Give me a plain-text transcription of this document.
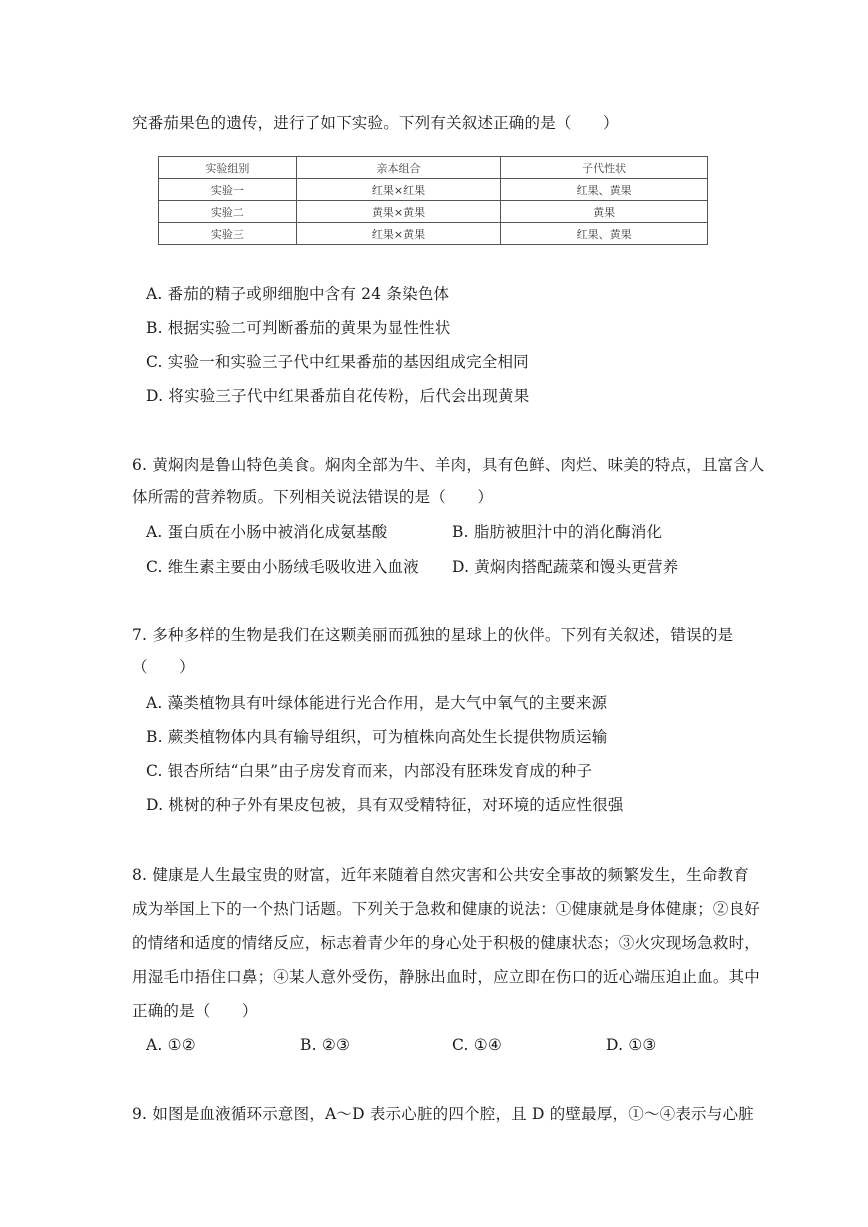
究番茄果色的遗传，进行了如下实验。下列有关叙述正确的是（　　）
实验组别	亲本组合	子代性状
实验一	红果×红果	红果、黄果
实验二	黄果×黄果	黄果
实验三	红果×黄果	红果、黄果
A. 番茄的精子或卵细胞中含有 24 条染色体
B. 根据实验二可判断番茄的黄果为显性性状
C. 实验一和实验三子代中红果番茄的基因组成完全相同
D. 将实验三子代中红果番茄自花传粉，后代会出现黄果
6. 黄焖肉是鲁山特色美食。焖肉全部为牛、羊肉，具有色鲜、肉烂、味美的特点，且富含人
体所需的营养物质。下列相关说法错误的是（　　）
A. 蛋白质在小肠中被消化成氨基酸	B. 脂肪被胆汁中的消化酶消化
C. 维生素主要由小肠绒毛吸收进入血液 D. 黄焖肉搭配蔬菜和馒头更营养
7. 多种多样的生物是我们在这颗美丽而孤独的星球上的伙伴。下列有关叙述，错误的是
（　　）
A. 藻类植物具有叶绿体能进行光合作用，是大气中氧气的主要来源
B. 蕨类植物体内具有输导组织，可为植株向高处生长提供物质运输
C. 银杏所结“白果”由子房发育而来，内部没有胚珠发育成的种子
D. 桃树的种子外有果皮包被，具有双受精特征，对环境的适应性很强
8. 健康是人生最宝贵的财富，近年来随着自然灾害和公共安全事故的频繁发生，生命教育
成为举国上下的一个热门话题。下列关于急救和健康的说法：①健康就是身体健康；②良好
的情绪和适度的情绪反应，标志着青少年的身心处于积极的健康状态；③火灾现场急救时，
用湿毛巾捂住口鼻；④某人意外受伤，静脉出血时，应立即在伤口的近心端压迫止血。其中
正确的是（　　）
A. ①②	B. ②③	C. ①④	D. ①③
9. 如图是血液循环示意图，A～D 表示心脏的四个腔，且 D 的壁最厚，①～④表示与心脏
